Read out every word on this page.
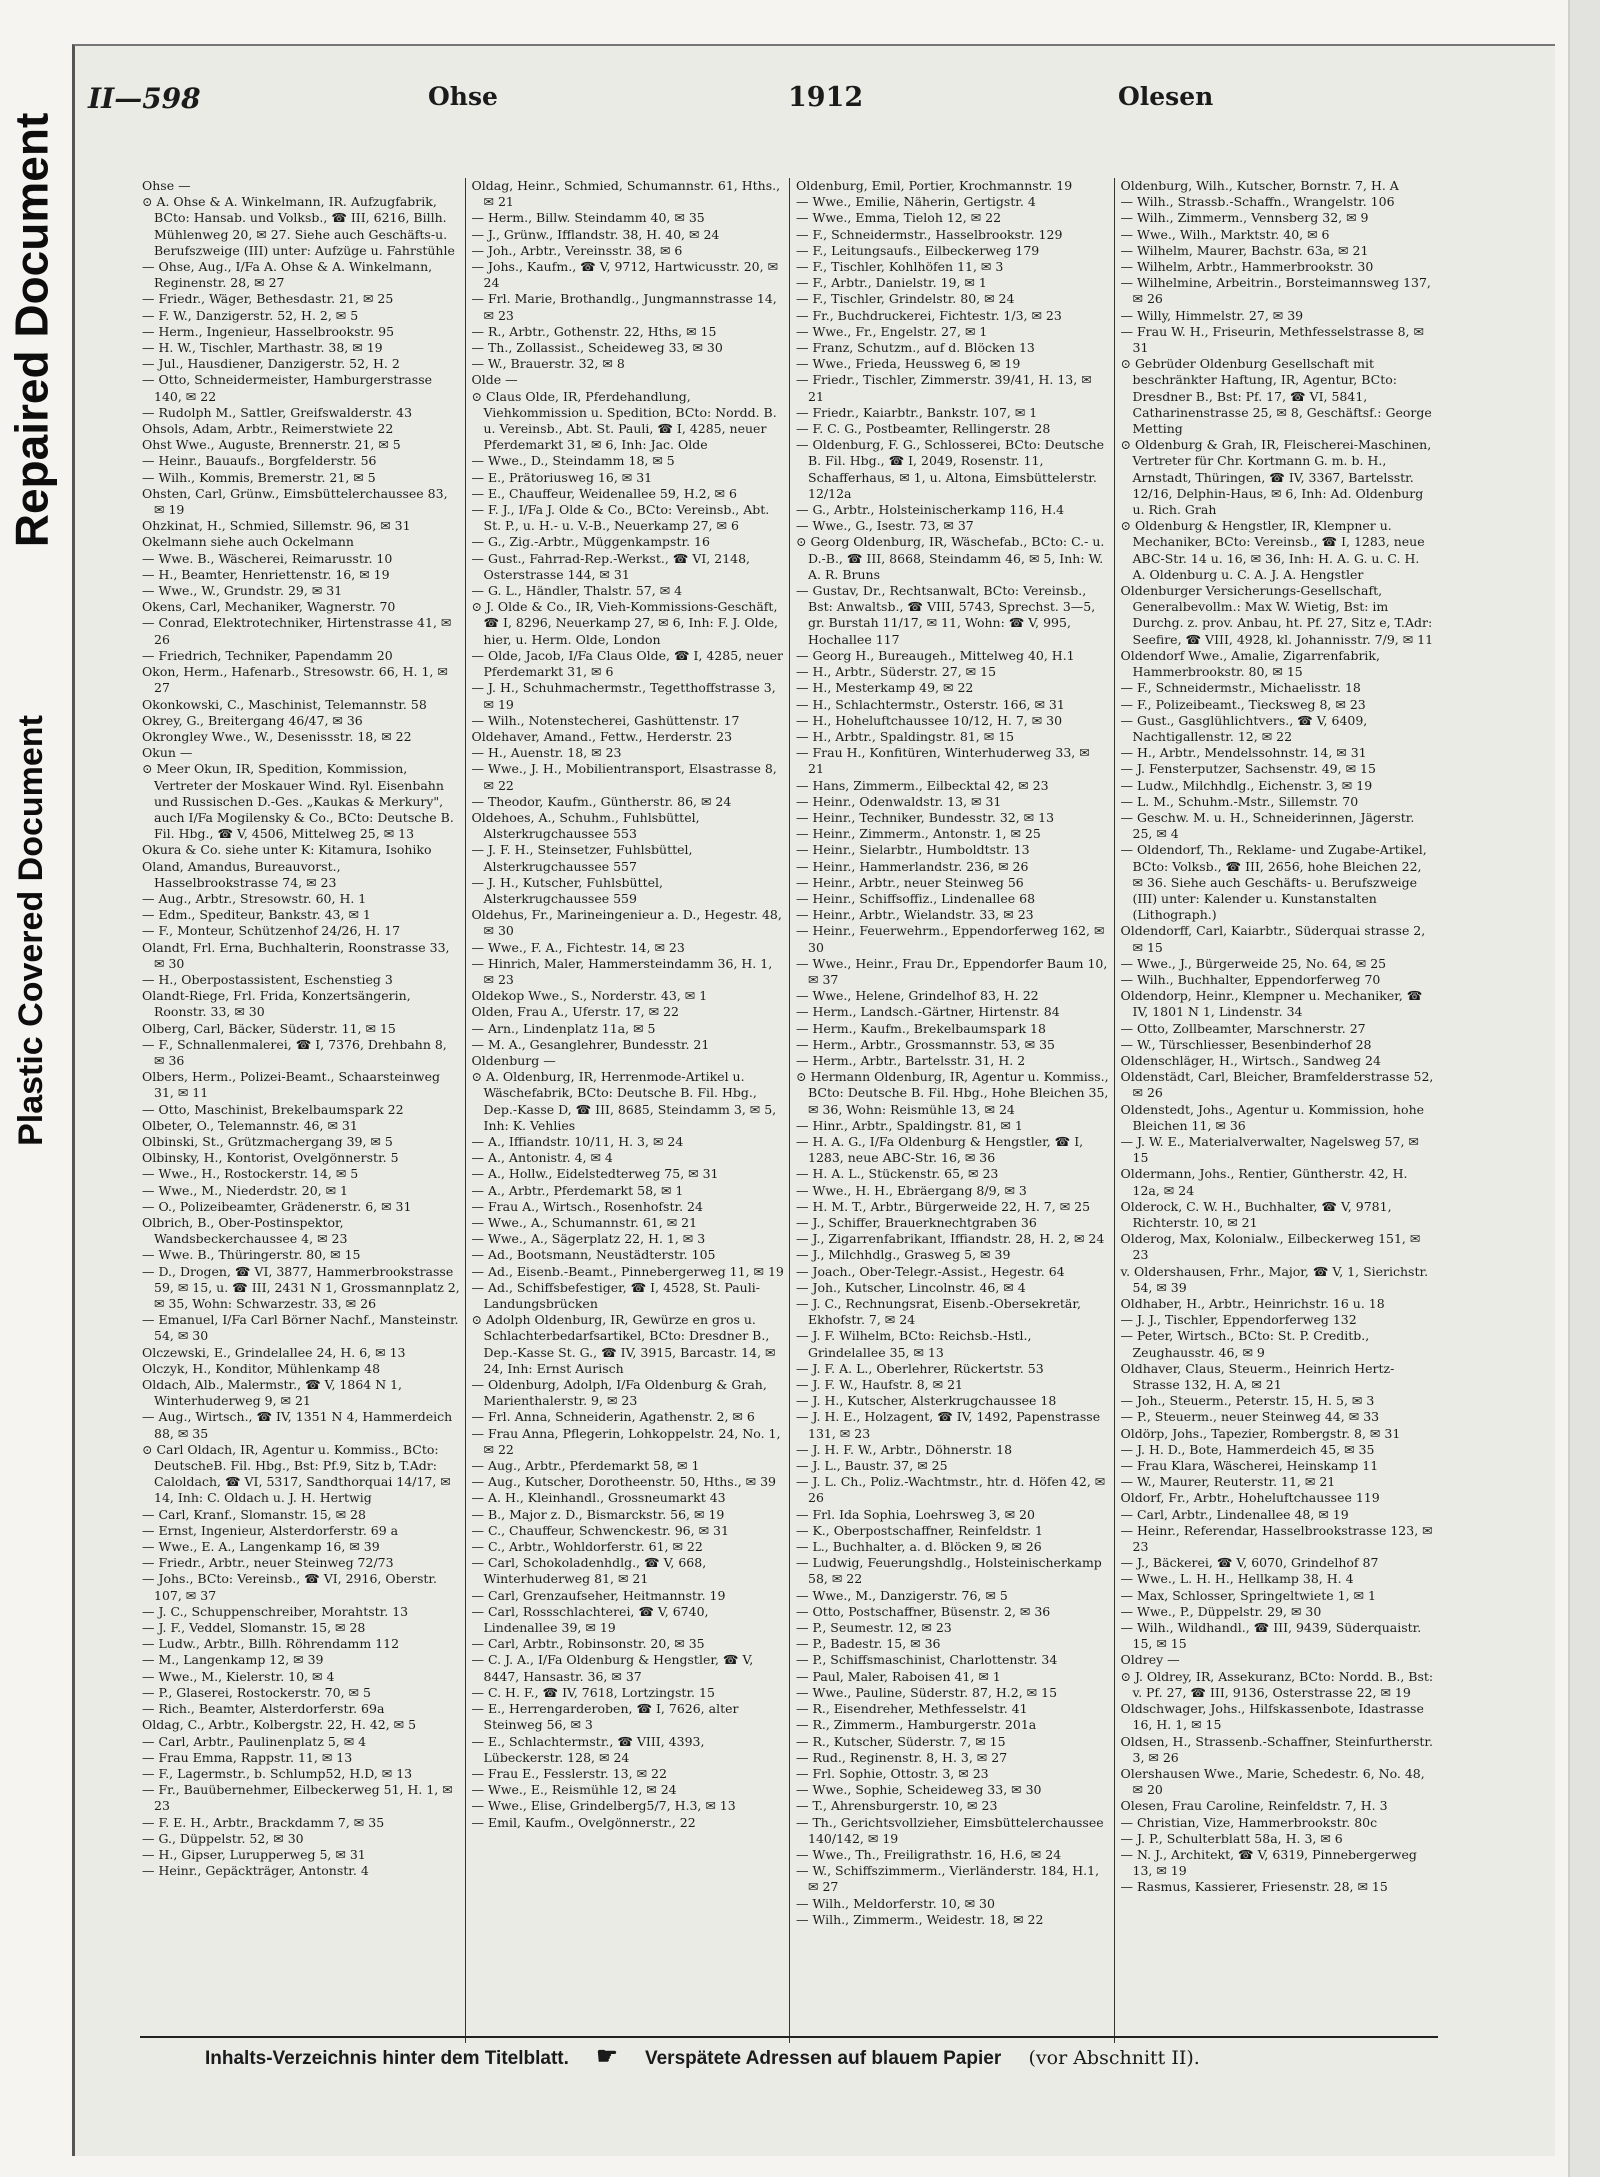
Repaired Document
Plastic Covered Document
II—598	Ohse	1912	Olesen

Ohse —

⊙ A. Ohse & A. Winkelmann, IR. Aufzugfabrik, BCto: Hansab. und Volksb., ☎ III, 6216, Billh. Mühlenweg 20, ✉ 27. Siehe auch Geschäfts-u. Berufszweige (III) unter: Aufzüge u. Fahrstühle

— Ohse, Aug., I/Fa A. Ohse & A. Winkelmann, Reginenstr. 28, ✉ 27

— Friedr., Wäger, Bethesdastr. 21, ✉ 25

— F. W., Danzigerstr. 52, H. 2, ✉ 5

— Herm., Ingenieur, Hasselbrookstr. 95

— H. W., Tischler, Marthastr. 38, ✉ 19

— Jul., Hausdiener, Danzigerstr. 52, H. 2

— Otto, Schneidermeister, Hamburgerstrasse 140, ✉ 22

— Rudolph M., Sattler, Greifswalderstr. 43

Ohsols, Adam, Arbtr., Reimerstwiete 22

Ohst Wwe., Auguste, Brennerstr. 21, ✉ 5

— Heinr., Bauaufs., Borgfelderstr. 56

— Wilh., Kommis, Bremerstr. 21, ✉ 5

Ohsten, Carl, Grünw., Eimsbüttelerchaussee 83, ✉ 19

Ohzkinat, H., Schmied, Sillemstr. 96, ✉ 31

Okelmann siehe auch Ockelmann

— Wwe. B., Wäscherei, Reimarusstr. 10

— H., Beamter, Henriettenstr. 16, ✉ 19

— Wwe., W., Grundstr. 29, ✉ 31

Okens, Carl, Mechaniker, Wagnerstr. 70

— Conrad, Elektrotechniker, Hirtenstrasse 41, ✉ 26

— Friedrich, Techniker, Papendamm 20

Okon, Herm., Hafenarb., Stresowstr. 66, H. 1, ✉ 27

Okonkowski, C., Maschinist, Telemannstr. 58

Okrey, G., Breitergang 46/47, ✉ 36

Okrongley Wwe., W., Desenissstr. 18, ✉ 22

Okun —

⊙ Meer Okun, IR, Spedition, Kommission, Vertreter der Moskauer Wind. Ryl. Eisenbahn und Russischen D.-Ges. „Kaukas & Merkury", auch I/Fa Mogilensky & Co., BCto: Deutsche B. Fil. Hbg., ☎ V, 4506, Mittelweg 25, ✉ 13

Okura & Co. siehe unter K: Kitamura, Isohiko

Oland, Amandus, Bureauvorst., Hasselbrookstrasse 74, ✉ 23

— Aug., Arbtr., Stresowstr. 60, H. 1

— Edm., Spediteur, Bankstr. 43, ✉ 1

— F., Monteur, Schützenhof 24/26, H. 17

Olandt, Frl. Erna, Buchhalterin, Roonstrasse 33, ✉ 30

— H., Oberpostassistent, Eschenstieg 3

Olandt-Riege, Frl. Frida, Konzertsängerin, Roonstr. 33, ✉ 30

Olberg, Carl, Bäcker, Süderstr. 11, ✉ 15

— F., Schnallenmalerei, ☎ I, 7376, Drehbahn 8, ✉ 36

Olbers, Herm., Polizei-Beamt., Schaarsteinweg 31, ✉ 11

— Otto, Maschinist, Brekelbaumspark 22

Olbeter, O., Telemannstr. 46, ✉ 31

Olbinski, St., Grützmachergang 39, ✉ 5

Olbinsky, H., Kontorist, Ovelgönnerstr. 5

— Wwe., H., Rostockerstr. 14, ✉ 5

— Wwe., M., Niederdstr. 20, ✉ 1

— O., Polizeibeamter, Grädenerstr. 6, ✉ 31

Olbrich, B., Ober-Postinspektor, Wandsbeckerchaussee 4, ✉ 23

— Wwe. B., Thüringerstr. 80, ✉ 15

— D., Drogen, ☎ VI, 3877, Hammerbrookstrasse 59, ✉ 15, u. ☎ III, 2431 N 1, Grossmannplatz 2, ✉ 35, Wohn: Schwarzestr. 33, ✉ 26

— Emanuel, I/Fa Carl Börner Nachf., Mansteinstr. 54, ✉ 30

Olczewski, E., Grindelallee 24, H. 6, ✉ 13

Olczyk, H., Konditor, Mühlenkamp 48

Oldach, Alb., Malermstr., ☎ V, 1864 N 1, Winterhuderweg 9, ✉ 21

— Aug., Wirtsch., ☎ IV, 1351 N 4, Hammerdeich 88, ✉ 35

⊙ Carl Oldach, IR, Agentur u. Kommiss., BCto: DeutscheB. Fil. Hbg., Bst: Pf.9, Sitz b, T.Adr: Caloldach, ☎ VI, 5317, Sandthorquai 14/17, ✉ 14, Inh: C. Oldach u. J. H. Hertwig

— Carl, Kranf., Slomanstr. 15, ✉ 28

— Ernst, Ingenieur, Alsterdorferstr. 69 a

— Wwe., E. A., Langenkamp 16, ✉ 39

— Friedr., Arbtr., neuer Steinweg 72/73

— Johs., BCto: Vereinsb., ☎ VI, 2916, Oberstr. 107, ✉ 37

— J. C., Schuppenschreiber, Morahtstr. 13

— J. F., Veddel, Slomanstr. 15, ✉ 28

— Ludw., Arbtr., Billh. Röhrendamm 112

— M., Langenkamp 12, ✉ 39

— Wwe., M., Kielerstr. 10, ✉ 4

— P., Glaserei, Rostockerstr. 70, ✉ 5

— Rich., Beamter, Alsterdorferstr. 69a

Oldag, C., Arbtr., Kolbergstr. 22, H. 42, ✉ 5

— Carl, Arbtr., Paulinenplatz 5, ✉ 4

— Frau Emma, Rappstr. 11, ✉ 13

— F., Lagermstr., b. Schlump52, H.D, ✉ 13

— Fr., Bauübernehmer, Eilbeckerweg 51, H. 1, ✉ 23

— F. E. H., Arbtr., Brackdamm 7, ✉ 35

— G., Düppelstr. 52, ✉ 30

— H., Gipser, Lurupperweg 5, ✉ 31

— Heinr., Gepäckträger, Antonstr. 4

Oldag, Heinr., Schmied, Schumannstr. 61, Hths., ✉ 21

— Herm., Billw. Steindamm 40, ✉ 35

— J., Grünw., Ifflandstr. 38, H. 40, ✉ 24

— Joh., Arbtr., Vereinsstr. 38, ✉ 6

— Johs., Kaufm., ☎ V, 9712, Hartwicusstr. 20, ✉ 24

— Frl. Marie, Brothandlg., Jungmannstrasse 14, ✉ 23

— R., Arbtr., Gothenstr. 22, Hths, ✉ 15

— Th., Zollassist., Scheideweg 33, ✉ 30

— W., Brauerstr. 32, ✉ 8

Olde —

⊙ Claus Olde, IR, Pferdehandlung, Viehkommission u. Spedition, BCto: Nordd. B. u. Vereinsb., Abt. St. Pauli, ☎ I, 4285, neuer Pferdemarkt 31, ✉ 6, Inh: Jac. Olde

— Wwe., D., Steindamm 18, ✉ 5

— E., Prätoriusweg 16, ✉ 31

— E., Chauffeur, Weidenallee 59, H.2, ✉ 6

— F. J., I/Fa J. Olde & Co., BCto: Vereinsb., Abt. St. P., u. H.- u. V.-B., Neuerkamp 27, ✉ 6

— G., Zig.-Arbtr., Müggenkampstr. 16

— Gust., Fahrrad-Rep.-Werkst., ☎ VI, 2148, Osterstrasse 144, ✉ 31

— G. L., Händler, Thalstr. 57, ✉ 4

⊙ J. Olde & Co., IR, Vieh-Kommissions-Geschäft, ☎ I, 8296, Neuerkamp 27, ✉ 6, Inh: F. J. Olde, hier, u. Herm. Olde, London

— Olde, Jacob, I/Fa Claus Olde, ☎ I, 4285, neuer Pferdemarkt 31, ✉ 6

— J. H., Schuhmachermstr., Tegetthoffstrasse 3, ✉ 19

— Wilh., Notenstecherei, Gashüttenstr. 17

Oldehaver, Amand., Fettw., Herderstr. 23

— H., Auenstr. 18, ✉ 23

— Wwe., J. H., Mobilientransport, Elsastrasse 8, ✉ 22

— Theodor, Kaufm., Güntherstr. 86, ✉ 24

Oldehoes, A., Schuhm., Fuhlsbüttel, Alsterkrugchaussee 553

— J. F. H., Steinsetzer, Fuhlsbüttel, Alsterkrugchaussee 557

— J. H., Kutscher, Fuhlsbüttel, Alsterkrugchaussee 559

Oldehus, Fr., Marineingenieur a. D., Hegestr. 48, ✉ 30

— Wwe., F. A., Fichtestr. 14, ✉ 23

— Hinrich, Maler, Hammersteindamm 36, H. 1, ✉ 23

Oldekop Wwe., S., Norderstr. 43, ✉ 1

Olden, Frau A., Uferstr. 17, ✉ 22

— Arn., Lindenplatz 11a, ✉ 5

— M. A., Gesanglehrer, Bundesstr. 21

Oldenburg —

⊙ A. Oldenburg, IR, Herrenmode-Artikel u. Wäschefabrik, BCto: Deutsche B. Fil. Hbg., Dep.-Kasse D, ☎ III, 8685, Steindamm 3, ✉ 5, Inh: K. Vehlies

— A., Iffiandstr. 10/11, H. 3, ✉ 24

— A., Antonistr. 4, ✉ 4

— A., Hollw., Eidelstedterweg 75, ✉ 31

— A., Arbtr., Pferdemarkt 58, ✉ 1

— Frau A., Wirtsch., Rosenhofstr. 24

— Wwe., A., Schumannstr. 61, ✉ 21

— Wwe., A., Sägerplatz 22, H. 1, ✉ 3

— Ad., Bootsmann, Neustädterstr. 105

— Ad., Eisenb.-Beamt., Pinnebergerweg 11, ✉ 19

— Ad., Schiffsbefestiger, ☎ I, 4528, St. Pauli-Landungsbrücken

⊙ Adolph Oldenburg, IR, Gewürze en gros u. Schlachterbedarfsartikel, BCto: Dresdner B., Dep.-Kasse St. G., ☎ IV, 3915, Barcastr. 14, ✉ 24, Inh: Ernst Aurisch

— Oldenburg, Adolph, I/Fa Oldenburg & Grah, Marienthalerstr. 9, ✉ 23

— Frl. Anna, Schneiderin, Agathenstr. 2, ✉ 6

— Frau Anna, Pflegerin, Lohkoppelstr. 24, No. 1, ✉ 22

— Aug., Arbtr., Pferdemarkt 58, ✉ 1

— Aug., Kutscher, Dorotheenstr. 50, Hths., ✉ 39

— A. H., Kleinhandl., Grossneumarkt 43

— B., Major z. D., Bismarckstr. 56, ✉ 19

— C., Chauffeur, Schwenckestr. 96, ✉ 31

— C., Arbtr., Wohldorferstr. 61, ✉ 22

— Carl, Schokoladenhdlg., ☎ V, 668, Winterhuderweg 81, ✉ 21

— Carl, Grenzaufseher, Heitmannstr. 19

— Carl, Rossschlachterei, ☎ V, 6740, Lindenallee 39, ✉ 19

— Carl, Arbtr., Robinsonstr. 20, ✉ 35

— C. J. A., I/Fa Oldenburg & Hengstler, ☎ V, 8447, Hansastr. 36, ✉ 37

— C. H. F., ☎ IV, 7618, Lortzingstr. 15

— E., Herrengarderoben, ☎ I, 7626, alter Steinweg 56, ✉ 3

— E., Schlachtermstr., ☎ VIII, 4393, Lübeckerstr. 128, ✉ 24

— Frau E., Fesslerstr. 13, ✉ 22

— Wwe., E., Reismühle 12, ✉ 24

— Wwe., Elise, Grindelberg5/7, H.3, ✉ 13

— Emil, Kaufm., Ovelgönnerstr., 22

Oldenburg, Emil, Portier, Krochmannstr. 19

— Wwe., Emilie, Näherin, Gertigstr. 4

— Wwe., Emma, Tieloh 12, ✉ 22

— F., Schneidermstr., Hasselbrookstr. 129

— F., Leitungsaufs., Eilbeckerweg 179

— F., Tischler, Kohlhöfen 11, ✉ 3

— F., Arbtr., Danielstr. 19, ✉ 1

— F., Tischler, Grindelstr. 80, ✉ 24

— Fr., Buchdruckerei, Fichtestr. 1/3, ✉ 23

— Wwe., Fr., Engelstr. 27, ✉ 1

— Franz, Schutzm., auf d. Blöcken 13

— Wwe., Frieda, Heussweg 6, ✉ 19

— Friedr., Tischler, Zimmerstr. 39/41, H. 13, ✉ 21

— Friedr., Kaiarbtr., Bankstr. 107, ✉ 1

— F. C. G., Postbeamter, Rellingerstr. 28

— Oldenburg, F. G., Schlosserei, BCto: Deutsche B. Fil. Hbg., ☎ I, 2049, Rosenstr. 11, Schafferhaus, ✉ 1, u. Altona, Eimsbüttelerstr. 12/12a

— G., Arbtr., Holsteinischerkamp 116, H.4

— Wwe., G., Isestr. 73, ✉ 37

⊙ Georg Oldenburg, IR, Wäschefab., BCto: C.- u. D.-B., ☎ III, 8668, Steindamm 46, ✉ 5, Inh: W. A. R. Bruns

— Gustav, Dr., Rechtsanwalt, BCto: Vereinsb., Bst: Anwaltsb., ☎ VIII, 5743, Sprechst. 3—5, gr. Burstah 11/17, ✉ 11, Wohn: ☎ V, 995, Hochallee 117

— Georg H., Bureaugeh., Mittelweg 40, H.1

— H., Arbtr., Süderstr. 27, ✉ 15

— H., Mesterkamp 49, ✉ 22

— H., Schlachtermstr., Osterstr. 166, ✉ 31

— H., Hoheluftchaussee 10/12, H. 7, ✉ 30

— H., Arbtr., Spaldingstr. 81, ✉ 15

— Frau H., Konfitüren, Winterhuderweg 33, ✉ 21

— Hans, Zimmerm., Eilbecktal 42, ✉ 23

— Heinr., Odenwaldstr. 13, ✉ 31

— Heinr., Techniker, Bundesstr. 32, ✉ 13

— Heinr., Zimmerm., Antonstr. 1, ✉ 25

— Heinr., Sielarbtr., Humboldtstr. 13

— Heinr., Hammerlandstr. 236, ✉ 26

— Heinr., Arbtr., neuer Steinweg 56

— Heinr., Schiffsoffiz., Lindenallee 68

— Heinr., Arbtr., Wielandstr. 33, ✉ 23

— Heinr., Feuerwehrm., Eppendorferweg 162, ✉ 30

— Wwe., Heinr., Frau Dr., Eppendorfer Baum 10, ✉ 37

— Wwe., Helene, Grindelhof 83, H. 22

— Herm., Landsch.-Gärtner, Hirtenstr. 84

— Herm., Kaufm., Brekelbaumspark 18

— Herm., Arbtr., Grossmannstr. 53, ✉ 35

— Herm., Arbtr., Bartelsstr. 31, H. 2

⊙ Hermann Oldenburg, IR, Agentur u. Kommiss., BCto: Deutsche B. Fil. Hbg., Hohe Bleichen 35, ✉ 36, Wohn: Reismühle 13, ✉ 24

— Hinr., Arbtr., Spaldingstr. 81, ✉ 1

— H. A. G., I/Fa Oldenburg & Hengstler, ☎ I, 1283, neue ABC-Str. 16, ✉ 36

— H. A. L., Stückenstr. 65, ✉ 23

— Wwe., H. H., Ebräergang 8/9, ✉ 3

— H. M. T., Arbtr., Bürgerweide 22, H. 7, ✉ 25

— J., Schiffer, Brauerknechtgraben 36

— J., Zigarrenfabrikant, Iffiandstr. 28, H. 2, ✉ 24

— J., Milchhdlg., Grasweg 5, ✉ 39

— Joach., Ober-Telegr.-Assist., Hegestr. 64

— Joh., Kutscher, Lincolnstr. 46, ✉ 4

— J. C., Rechnungsrat, Eisenb.-Obersekretär, Ekhofstr. 7, ✉ 24

— J. F. Wilhelm, BCto: Reichsb.-Hstl., Grindelallee 35, ✉ 13

— J. F. A. L., Oberlehrer, Rückertstr. 53

— J. F. W., Haufstr. 8, ✉ 21

— J. H., Kutscher, Alsterkrugchaussee 18

— J. H. E., Holzagent, ☎ IV, 1492, Papenstrasse 131, ✉ 23

— J. H. F. W., Arbtr., Döhnerstr. 18

— J. L., Baustr. 37, ✉ 25

— J. L. Ch., Poliz.-Wachtmstr., htr. d. Höfen 42, ✉ 26

— Frl. Ida Sophia, Loehrsweg 3, ✉ 20

— K., Oberpostschaffner, Reinfeldstr. 1

— L., Buchhalter, a. d. Blöcken 9, ✉ 26

— Ludwig, Feuerungshdlg., Holsteinischerkamp 58, ✉ 22

— Wwe., M., Danzigerstr. 76, ✉ 5

— Otto, Postschaffner, Büsenstr. 2, ✉ 36

— P., Seumestr. 12, ✉ 23

— P., Badestr. 15, ✉ 36

— P., Schiffsmaschinist, Charlottenstr. 34

— Paul, Maler, Raboisen 41, ✉ 1

— Wwe., Pauline, Süderstr. 87, H.2, ✉ 15

— R., Eisendreher, Methfesselstr. 41

— R., Zimmerm., Hamburgerstr. 201a

— R., Kutscher, Süderstr. 7, ✉ 15

— Rud., Reginenstr. 8, H. 3, ✉ 27

— Frl. Sophie, Ottostr. 3, ✉ 23

— Wwe., Sophie, Scheideweg 33, ✉ 30

— T., Ahrensburgerstr. 10, ✉ 23

— Th., Gerichtsvollzieher, Eimsbüttelerchaussee 140/142, ✉ 19

— Wwe., Th., Freiligrathstr. 16, H.6, ✉ 24

— W., Schiffszimmerm., Vierländerstr. 184, H.1, ✉ 27

— Wilh., Meldorferstr. 10, ✉ 30

— Wilh., Zimmerm., Weidestr. 18, ✉ 22

Oldenburg, Wilh., Kutscher, Bornstr. 7, H. A

— Wilh., Strassb.-Schaffn., Wrangelstr. 106

— Wilh., Zimmerm., Vennsberg 32, ✉ 9

— Wwe., Wilh., Marktstr. 40, ✉ 6

— Wilhelm, Maurer, Bachstr. 63a, ✉ 21

— Wilhelm, Arbtr., Hammerbrookstr. 30

— Wilhelmine, Arbeitrin., Borsteimannsweg 137, ✉ 26

— Willy, Himmelstr. 27, ✉ 39

— Frau W. H., Friseurin, Methfesselstrasse 8, ✉ 31

⊙ Gebrüder Oldenburg Gesellschaft mit beschränkter Haftung, IR, Agentur, BCto: Dresdner B., Bst: Pf. 17, ☎ VI, 5841, Catharinenstrasse 25, ✉ 8, Geschäftsf.: George Metting

⊙ Oldenburg & Grah, IR, Fleischerei-Maschinen, Vertreter für Chr. Kortmann G. m. b. H., Arnstadt, Thüringen, ☎ IV, 3367, Bartelsstr. 12/16, Delphin-Haus, ✉ 6, Inh: Ad. Oldenburg u. Rich. Grah

⊙ Oldenburg & Hengstler, IR, Klempner u. Mechaniker, BCto: Vereinsb., ☎ I, 1283, neue ABC-Str. 14 u. 16, ✉ 36, Inh: H. A. G. u. C. H. A. Oldenburg u. C. A. J. A. Hengstler

Oldenburger Versicherungs-Gesellschaft, Generalbevollm.: Max W. Wietig, Bst: im Durchg. z. prov. Anbau, ht. Pf. 27, Sitz e, T.Adr: Seefire, ☎ VIII, 4928, kl. Johannisstr. 7/9, ✉ 11

Oldendorf Wwe., Amalie, Zigarrenfabrik, Hammerbrookstr. 80, ✉ 15

— F., Schneidermstr., Michaelisstr. 18

— F., Polizeibeamt., Tiecksweg 8, ✉ 23

— Gust., Gasglühlichtvers., ☎ V, 6409, Nachtigallenstr. 12, ✉ 22

— H., Arbtr., Mendelssohnstr. 14, ✉ 31

— J. Fensterputzer, Sachsenstr. 49, ✉ 15

— Ludw., Milchhdlg., Eichenstr. 3, ✉ 19

— L. M., Schuhm.-Mstr., Sillemstr. 70

— Geschw. M. u. H., Schneiderinnen, Jägerstr. 25, ✉ 4

— Oldendorf, Th., Reklame- und Zugabe-Artikel, BCto: Volksb., ☎ III, 2656, hohe Bleichen 22, ✉ 36. Siehe auch Geschäfts- u. Berufszweige (III) unter: Kalender u. Kunstanstalten (Lithograph.)

Oldendorff, Carl, Kaiarbtr., Süderquai strasse 2, ✉ 15

— Wwe., J., Bürgerweide 25, No. 64, ✉ 25

— Wilh., Buchhalter, Eppendorferweg 70

Oldendorp, Heinr., Klempner u. Mechaniker, ☎ IV, 1801 N 1, Lindenstr. 34

— Otto, Zollbeamter, Marschnerstr. 27

— W., Türschliesser, Besenbinderhof 28

Oldenschläger, H., Wirtsch., Sandweg 24

Oldenstädt, Carl, Bleicher, Bramfelderstrasse 52, ✉ 26

Oldenstedt, Johs., Agentur u. Kommission, hohe Bleichen 11, ✉ 36

— J. W. E., Materialverwalter, Nagelsweg 57, ✉ 15

Oldermann, Johs., Rentier, Güntherstr. 42, H. 12a, ✉ 24

Olderock, C. W. H., Buchhalter, ☎ V, 9781, Richterstr. 10, ✉ 21

Olderog, Max, Kolonialw., Eilbeckerweg 151, ✉ 23

v. Oldershausen, Frhr., Major, ☎ V, 1, Sierichstr. 54, ✉ 39

Oldhaber, H., Arbtr., Heinrichstr. 16 u. 18

— J. J., Tischler, Eppendorferweg 132

— Peter, Wirtsch., BCto: St. P. Creditb., Zeughausstr. 46, ✉ 9

Oldhaver, Claus, Steuerm., Heinrich Hertz-Strasse 132, H. A, ✉ 21

— Joh., Steuerm., Peterstr. 15, H. 5, ✉ 3

— P., Steuerm., neuer Steinweg 44, ✉ 33

Oldörp, Johs., Tapezier, Rombergstr. 8, ✉ 31

— J. H. D., Bote, Hammerdeich 45, ✉ 35

— Frau Klara, Wäscherei, Heinskamp 11

— W., Maurer, Reuterstr. 11, ✉ 21

Oldorf, Fr., Arbtr., Hoheluftchaussee 119

— Carl, Arbtr., Lindenallee 48, ✉ 19

— Heinr., Referendar, Hasselbrookstrasse 123, ✉ 23

— J., Bäckerei, ☎ V, 6070, Grindelhof 87

— Wwe., L. H. H., Hellkamp 38, H. 4

— Max, Schlosser, Springeltwiete 1, ✉ 1

— Wwe., P., Düppelstr. 29, ✉ 30

— Wilh., Wildhandl., ☎ III, 9439, Süderquaistr. 15, ✉ 15

Oldrey —

⊙ J. Oldrey, IR, Assekuranz, BCto: Nordd. B., Bst: v. Pf. 27, ☎ III, 9136, Osterstrasse 22, ✉ 19

Oldschwager, Johs., Hilfskassenbote, Idastrasse 16, H. 1, ✉ 15

Oldsen, H., Strassenb.-Schaffner, Steinfurtherstr. 3, ✉ 26

Olershausen Wwe., Marie, Schedestr. 6, No. 48, ✉ 20

Olesen, Frau Caroline, Reinfeldstr. 7, H. 3

— Christian, Vize, Hammerbrookstr. 80c

— J. P., Schulterblatt 58a, H. 3, ✉ 6

— N. J., Architekt, ☎ V, 6319, Pinnebergerweg 13, ✉ 19

— Rasmus, Kassierer, Friesenstr. 28, ✉ 15

Inhalts-Verzeichnis hinter dem Titelblatt. ☛ Verspätete Adressen auf blauem Papier (vor Abschnitt II).
